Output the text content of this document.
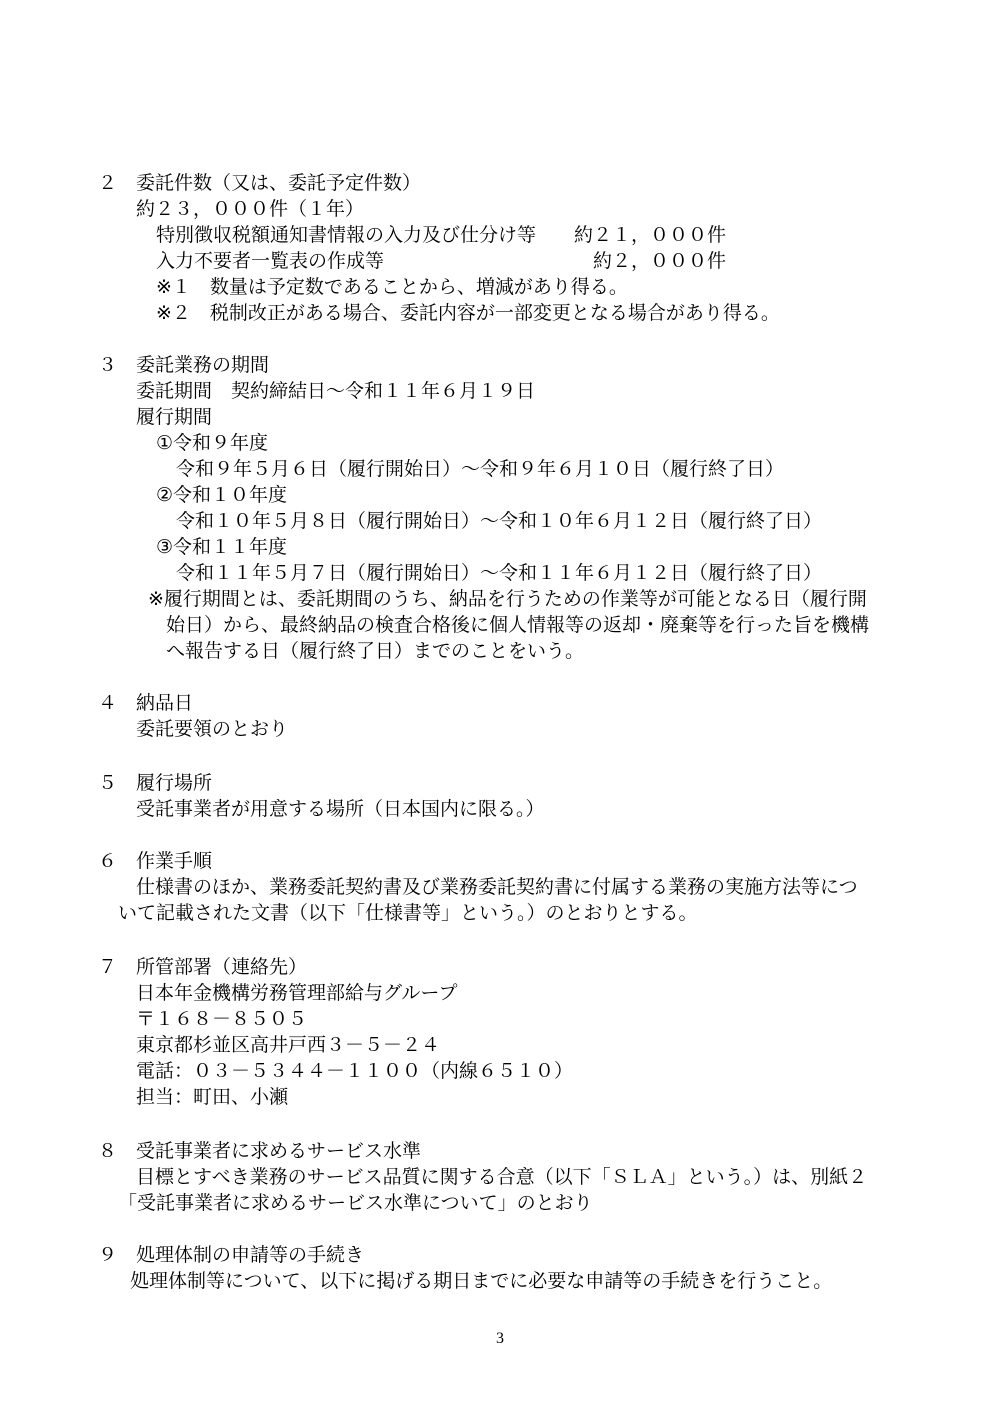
２　委託件数（又は、委託予定件数）
約２３，０００件（１年）
特別徴収税額通知書情報の入力及び仕分け等　　約２１，０００件
入力不要者一覧表の作成等　　　　　　　　　　　約２，０００件
※１　数量は予定数であることから、増減があり得る。
※２　税制改正がある場合、委託内容が一部変更となる場合があり得る。
３　委託業務の期間
委託期間　契約締結日～令和１１年６月１９日
履行期間
①令和９年度
令和９年５月６日（履行開始日）～令和９年６月１０日（履行終了日）
②令和１０年度
令和１０年５月８日（履行開始日）～令和１０年６月１２日（履行終了日）
③令和１１年度
令和１１年５月７日（履行開始日）～令和１１年６月１２日（履行終了日）
※履行期間とは、委託期間のうち、納品を行うための作業等が可能となる日（履行開
始日）から、最終納品の検査合格後に個人情報等の返却・廃棄等を行った旨を機構
へ報告する日（履行終了日）までのことをいう。
４　納品日
委託要領のとおり
５　履行場所
受託事業者が用意する場所（日本国内に限る。）
６　作業手順
仕様書のほか、業務委託契約書及び業務委託契約書に付属する業務の実施方法等につ
いて記載された文書（以下「仕様書等」という。）のとおりとする。
７　所管部署（連絡先）
日本年金機構労務管理部給与グループ
〒１６８－８５０５
東京都杉並区高井戸西３－５－２４
電話：０３－５３４４－１１００（内線６５１０）
担当：町田、小瀬
８　受託事業者に求めるサービス水準
目標とすべき業務のサービス品質に関する合意（以下「ＳＬＡ」という。）は、別紙２
「受託事業者に求めるサービス水準について」のとおり
９　処理体制の申請等の手続き
処理体制等について、以下に掲げる期日までに必要な申請等の手続きを行うこと。
3
